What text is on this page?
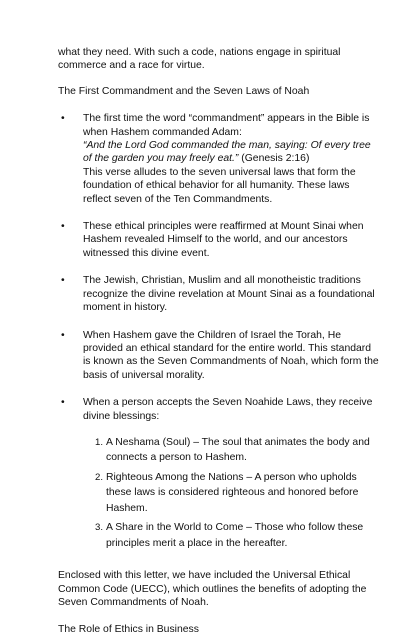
what they need. With such a code, nations engage in spiritual commerce and a race for virtue.

The First Commandment and the Seven Laws of Noah

• The first time the word “commandment” appears in the Bible is when Hashem commanded Adam:
“And the Lord God commanded the man, saying: Of every tree of the garden you may freely eat.” (Genesis 2:16)
This verse alludes to the seven universal laws that form the foundation of ethical behavior for all humanity. These laws reflect seven of the Ten Commandments.
• These ethical principles were reaffirmed at Mount Sinai when Hashem revealed Himself to the world, and our ancestors witnessed this divine event.
• The Jewish, Christian, Muslim and all monotheistic traditions recognize the divine revelation at Mount Sinai as a foundational moment in history.
• When Hashem gave the Children of Israel the Torah, He provided an ethical standard for the entire world. This standard is known as the Seven Commandments of Noah, which form the basis of universal morality.
• When a person accepts the Seven Noahide Laws, they receive divine blessings:
1. A Neshama (Soul) – The soul that animates the body and connects a person to Hashem.
2. Righteous Among the Nations – A person who upholds these laws is considered righteous and honored before Hashem.
3. A Share in the World to Come – Those who follow these principles merit a place in the hereafter.

Enclosed with this letter, we have included the Universal Ethical Common Code (UECC), which outlines the benefits of adopting the Seven Commandments of Noah.

The Role of Ethics in Business
